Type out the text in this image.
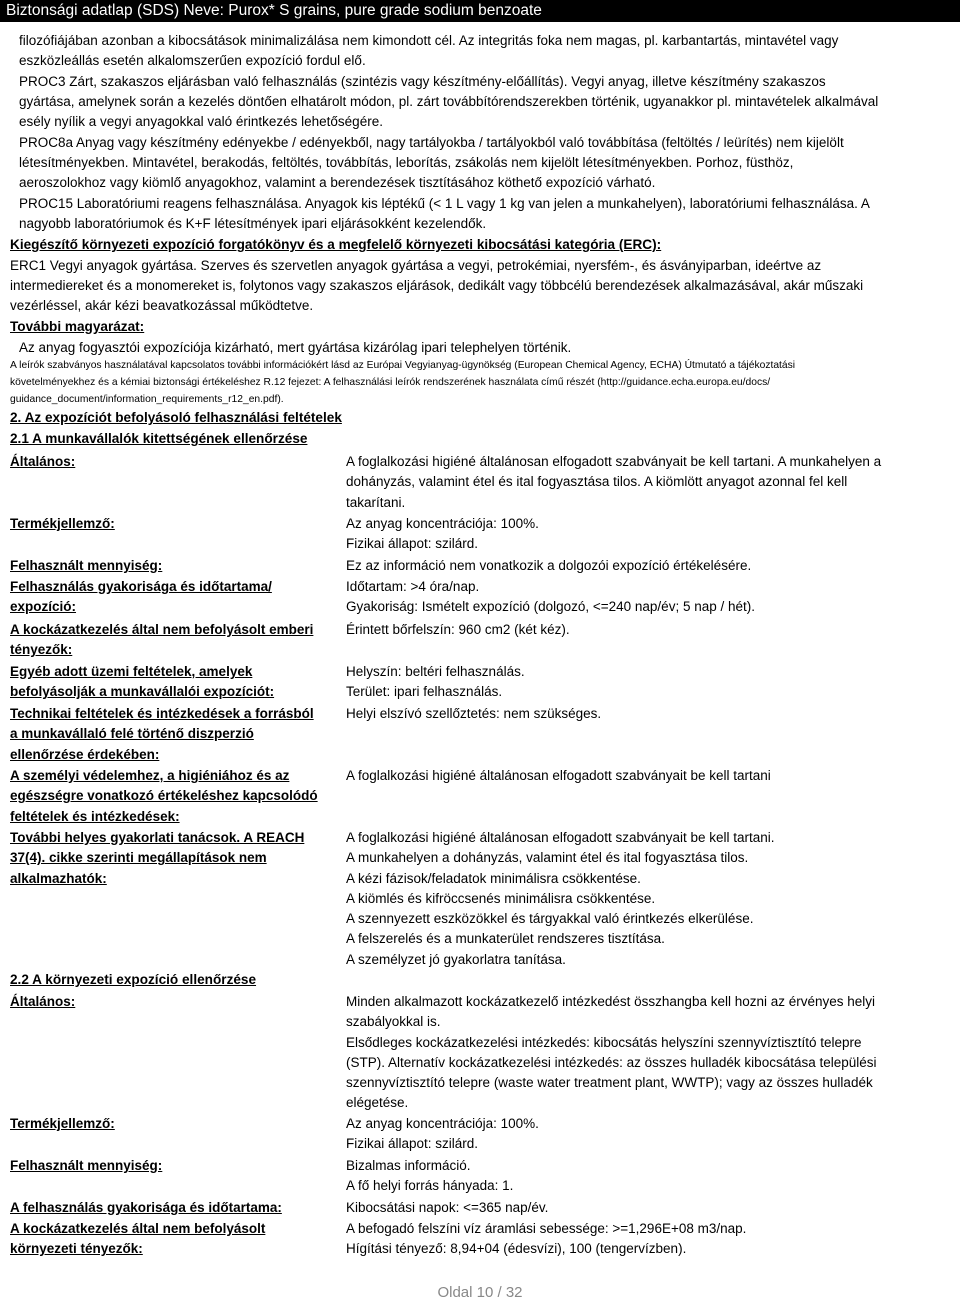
Biztonsági adatlap (SDS) Neve: Purox* S grains, pure grade sodium benzoate

filozófiájában azonban a kibocsátások minimalizálása nem kimondott cél. Az integritás foka nem magas, pl. karbantartás, mintavétel vagy
eszközleállás esetén alkalomszerűen expozíció fordul elő.

PROC3 Zárt, szakaszos eljárásban való felhasználás (szintézis vagy készítmény-előállítás). Vegyi anyag, illetve készítmény szakaszos
gyártása, amelynek során a kezelés döntően elhatárolt módon, pl. zárt továbbítórendszerekben történik, ugyanakkor pl. mintavételek alkalmával
esély nyílik a vegyi anyagokkal való érintkezés lehetőségére.

PROC8a Anyag vagy készítmény edényekbe / edényekből, nagy tartályokba / tartályokból való továbbítása (feltöltés / leürítés) nem kijelölt
létesítményekben. Mintavétel, berakodás, feltöltés, továbbítás, leborítás, zsákolás nem kijelölt létesítményekben. Porhoz, füsthöz,
aeroszolokhoz vagy kiömlő anyagokhoz, valamint a berendezések tisztításához köthető expozíció várható.

PROC15 Laboratóriumi reagens felhasználása. Anyagok kis léptékű (< 1 L vagy 1 kg van jelen a munkahelyen), laboratóriumi felhasználása. A
nagyobb laboratóriumok és K+F létesítmények ipari eljárásokként kezelendők.

Kiegészítő környezeti expozíció forgatókönyv és a megfelelő környezeti kibocsátási kategória (ERC):

ERC1 Vegyi anyagok gyártása. Szerves és szervetlen anyagok gyártása a vegyi, petrokémiai, nyersfém-, és ásványiparban, ideértve az
intermediereket és a monomereket is, folytonos vagy szakaszos eljárások, dedikált vagy többcélú berendezések alkalmazásával, akár műszaki
vezérléssel, akár kézi beavatkozással működtetve.

További magyarázat:

Az anyag fogyasztói expozíciója kizárható, mert gyártása kizárólag ipari telephelyen történik.

A leírók szabványos használatával kapcsolatos további információkért lásd az Európai Vegyianyag-ügynökség (European Chemical Agency, ECHA) Útmutató a tájékoztatási
követelményekhez és a kémiai biztonsági értékeléshez R.12 fejezet: A felhasználási leírók rendszerének használata című részét (http://guidance.echa.europa.eu/docs/
guidance_document/information_requirements_r12_en.pdf).

2. Az expozíciót befolyásoló felhasználási feltételek
2.1 A munkavállalók kitettségének ellenőrzése
Általános:	A foglalkozási higiéné általánosan elfogadott szabványait be kell tartani. A munkahelyen a
dohányzás, valamint étel és ital fogyasztása tilos. A kiömlött anyagot azonnal fel kell
takarítani.
Termékjellemző:	Az anyag koncentrációja: 100%.
Fizikai állapot: szilárd.
Felhasznált mennyiség:	Ez az információ nem vonatkozik a dolgozói expozíció értékelésére.
Felhasználás gyakorisága és időtartama/
expozíció:
Időtartam: >4 óra/nap.
Gyakoriság: Ismételt expozíció (dolgozó, <=240 nap/év; 5 nap / hét).
A kockázatkezelés által nem befolyásolt emberi
tényezők:
Érintett bőrfelszín: 960 cm2 (két kéz).
Egyéb adott üzemi feltételek, amelyek
befolyásolják a munkavállalói expozíciót:
Helyszín: beltéri felhasználás.
Terület: ipari felhasználás.
Technikai feltételek és intézkedések a forrásból
a munkavállaló felé történő diszperzió
ellenőrzése érdekében:
Helyi elszívó szellőztetés: nem szükséges.
A személyi védelemhez, a higiéniához és az
egészségre vonatkozó értékeléshez kapcsolódó
feltételek és intézkedések:
A foglalkozási higiéné általánosan elfogadott szabványait be kell tartani
További helyes gyakorlati tanácsok. A REACH
37(4). cikke szerinti megállapítások nem
alkalmazhatók:
A foglalkozási higiéné általánosan elfogadott szabványait be kell tartani.
A munkahelyen a dohányzás, valamint étel és ital fogyasztása tilos.
A kézi fázisok/feladatok minimálisra csökkentése.
A kiömlés és kifröccsenés minimálisra csökkentése.
A szennyezett eszközökkel és tárgyakkal való érintkezés elkerülése.
A felszerelés és a munkaterület rendszeres tisztítása.
A személyzet jó gyakorlatra tanítása.
2.2 A környezeti expozíció ellenőrzése
Általános:	Minden alkalmazott kockázatkezelő intézkedést összhangba kell hozni az érvényes helyi
szabályokkal is.
Elsődleges kockázatkezelési intézkedés: kibocsátás helyszíni szennyvíztisztító telepre
(STP). Alternatív kockázatkezelési intézkedés: az összes hulladék kibocsátása települési
szennyvíztisztító telepre (waste water treatment plant, WWTP); vagy az összes hulladék
elégetése.
Termékjellemző:	Az anyag koncentrációja: 100%.
Fizikai állapot: szilárd.
Felhasznált mennyiség:	Bizalmas információ.
A fő helyi forrás hányada: 1.
A felhasználás gyakorisága és időtartama:	Kibocsátási napok: <=365 nap/év.
A kockázatkezelés által nem befolyásolt
környezeti tényezők:
A befogadó felszíni víz áramlási sebessége: >=1,296E+08 m3/nap.
Hígítási tényező: 8,94+04 (édesvízi), 100 (tengervízben).
Oldal 10 / 32
